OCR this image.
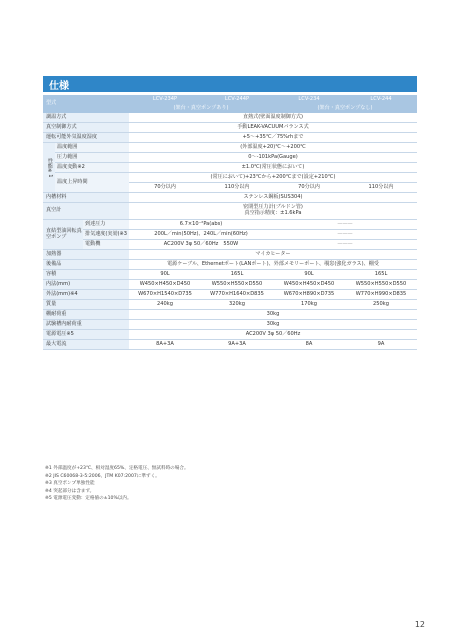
仕様
型式			LCV-234P	LCV-244P	LCV-234	LCV-244
			(架台・真空ポンプあり)		(架台・真空ポンプなし)	
調温方式			直熱式(壁面温度制御方式)			
真空制御方式			手動LEAK-VACUUMバランス式			
運転可能外気温度湿度			+5～+35℃／75%rhまで			
性能※1	温度範囲		(外部温度+20)℃～+200℃			
	圧力範囲		0～-101kPa(Gauge)			
	温度変動※2		±1.0℃(常圧状態において)			
	温度上昇時間		(常圧において)+23℃から+200℃まで(設定+210℃)			
			70分以内	110分以内	70分以内	110分以内
内槽材料			ステンレス鋼板(SUS304)			
真空計			密閉型圧力計(ブルドン管)
真空指示精度：±1.6kPa			

直結型油回転真空ポンプ		到達圧力	6.7×10⁻²Pa(abs)		———	
		排気速度(実効)※3	200L／min(50Hz)、240L／min(60Hz)		———	
		電動機	AC200V 3φ 50／60Hz　550W		———	
加熱器			マイカヒーター			
後備品			電源ケーブル、Ethernetポート(LANポート)、外部メモリーポート、覗窓(強化ガラス)、棚受			
容積			90L	165L	90L	165L
内法(mm)			W450×H450×D450	W550×H550×D550	W450×H450×D450	W550×H550×D550
外法(mm)※4			W670×H1540×D735	W770×H1640×D835	W670×H890×D735	W770×H990×D835
質量			240kg	320kg	170kg	250kg
棚耐荷重			30kg			
試験槽内耐荷重			30kg			
電源電圧※5			AC200V 3φ 50／60Hz			
最大電流			8A+3A	9A+3A	8A	9A
※1 外部温度が+23℃、相対湿度65%、定格電圧、無試料時の場合。
※2 JIS C60068-3-5:2006、JTM K07:2007に準ずく。
※3 真空ポンプ単独性能
※4 突起部分は含まず。
※5 電源電圧変動：定格値の±10%以内。
12
